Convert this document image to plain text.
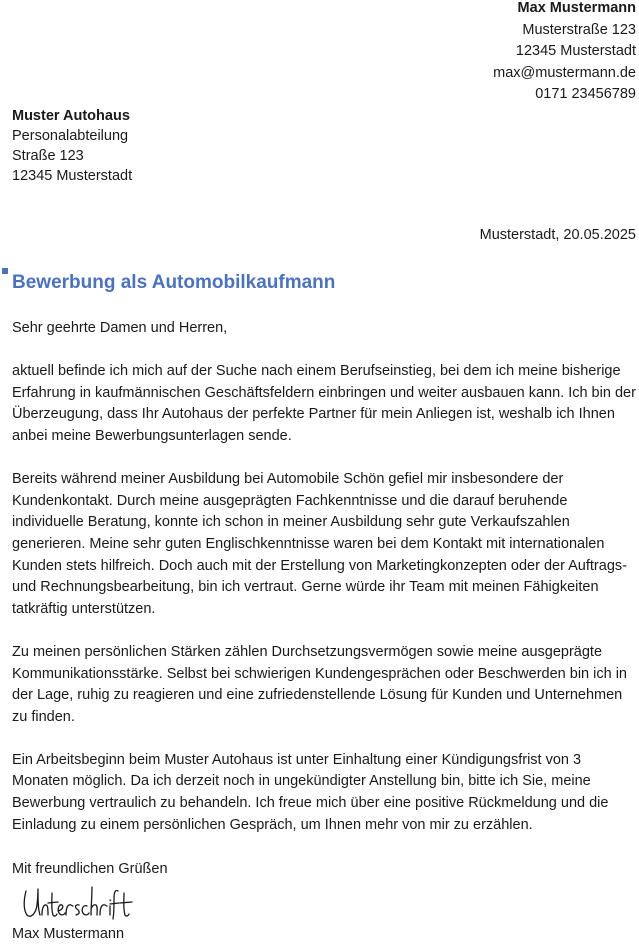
Max Mustermann
Musterstraße 123
12345 Musterstadt
max@mustermann.de
0171 23456789
Muster Autohaus
Personalabteilung
Straße 123
12345 Musterstadt
Musterstadt, 20.05.2025
Bewerbung als Automobilkaufmann

Sehr geehrte Damen und Herren,

aktuell befinde ich mich auf der Suche nach einem Berufseinstieg, bei dem ich meine bisherige Erfahrung in kaufmännischen Geschäftsfeldern einbringen und weiter ausbauen kann. Ich bin der Überzeugung, dass Ihr Autohaus der perfekte Partner für mein Anliegen ist, weshalb ich Ihnen anbei meine Bewerbungsunterlagen sende.

Bereits während meiner Ausbildung bei Automobile Schön gefiel mir insbesondere der Kundenkontakt. Durch meine ausgeprägten Fachkenntnisse und die darauf beruhende individuelle Beratung, konnte ich schon in meiner Ausbildung sehr gute Verkaufszahlen generieren. Meine sehr guten Englischkenntnisse waren bei dem Kontakt mit internationalen Kunden stets hilfreich. Doch auch mit der Erstellung von Marketingkonzepten oder der Auftrags- und Rechnungsbearbeitung, bin ich vertraut. Gerne würde ihr Team mit meinen Fähigkeiten tatkräftig unterstützen.

Zu meinen persönlichen Stärken zählen Durchsetzungsvermögen sowie meine ausgeprägte Kommunikationsstärke. Selbst bei schwierigen Kundengesprächen oder Beschwerden bin ich in der Lage, ruhig zu reagieren und eine zufriedenstellende Lösung für Kunden und Unternehmen zu finden.

Ein Arbeitsbeginn beim Muster Autohaus ist unter Einhaltung einer Kündigungsfrist von 3 Monaten möglich. Da ich derzeit noch in ungekündigter Anstellung bin, bitte ich Sie, meine Bewerbung vertraulich zu behandeln. Ich freue mich über eine positive Rückmeldung und die Einladung zu einem persönlichen Gespräch, um Ihnen mehr von mir zu erzählen.

Mit freundlichen Grüßen
Max Mustermann
